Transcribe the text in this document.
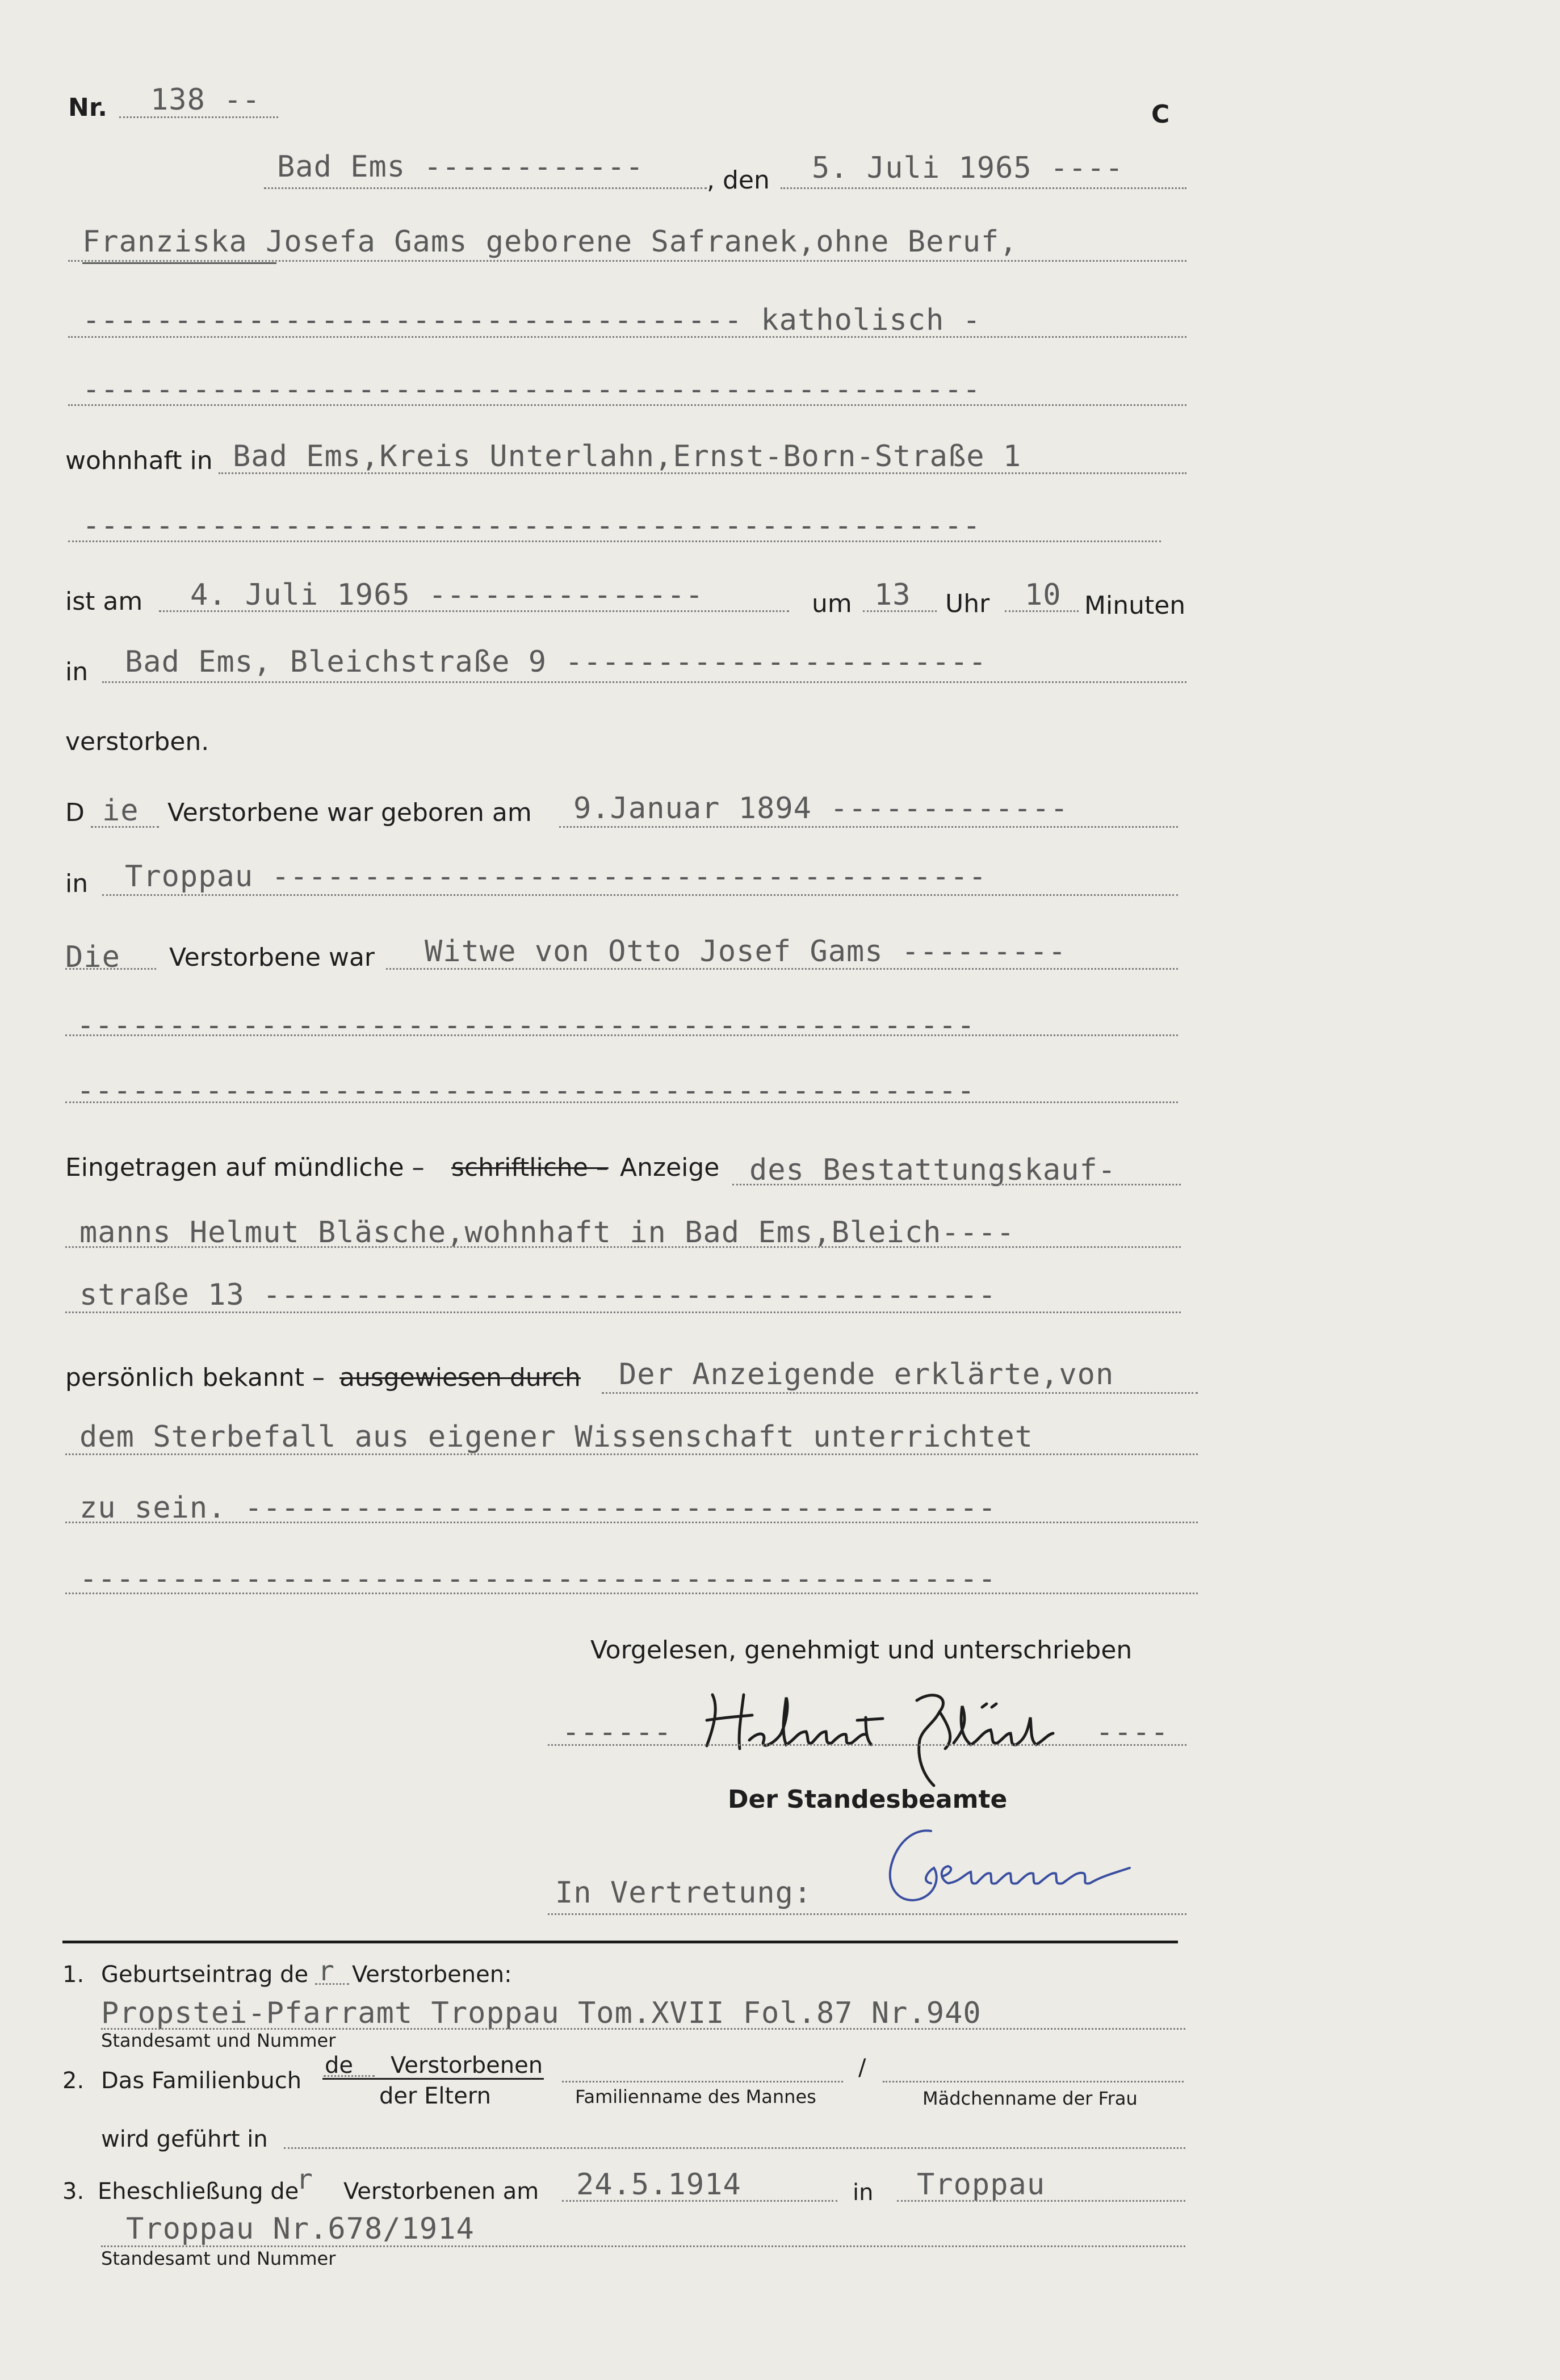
Nr. 138 --	C
Bad Ems ------------	, den 5. Juli 1965 ----
Franziska Josefa Gams geborene Safranek,ohne Beruf,
------------------------------------ katholisch -
-------------------------------------------------
wohnhaft in Bad Ems,Kreis Unterlahn,Ernst-Born-Straße 1
-------------------------------------------------
ist am 4. Juli 1965 ---------------	um 13 Uhr 10 Minuten
in Bad Ems, Bleichstraße 9 -----------------------
verstorben.
D ie Verstorbene war geboren am 9.Januar 1894 -------------
in Troppau ---------------------------------------
Die Verstorbene war Witwe von Otto Josef Gams ---------
-------------------------------------------------
-------------------------------------------------
Eingetragen auf mündliche – schriftliche – Anzeige des Bestattungskauf-
manns Helmut Bläsche,wohnhaft in Bad Ems,Bleich----
straße 13 ----------------------------------------
persönlich bekannt – ausgewiesen durch Der Anzeigende erklärte,von
dem Sterbefall aus eigener Wissenschaft unterrichtet
zu sein. -----------------------------------------
--------------------------------------------------
Vorgelesen, genehmigt und unterschrieben
------	----
Der Standesbeamte
In Vertretung:
1. Geburtseintrag de r Verstorbenen:
Propstei-Pfarramt Troppau Tom.XVII Fol.87 Nr.940
Standesamt und Nummer
2. Das Familienbuch
de Verstorbenen
der Eltern
/
Familienname des Mannes	Mädchenname der Frau
wird geführt in
3. Eheschließung de
r Verstorbenen am 24.5.1914	in Troppau
Troppau Nr.678/1914
Standesamt und Nummer
